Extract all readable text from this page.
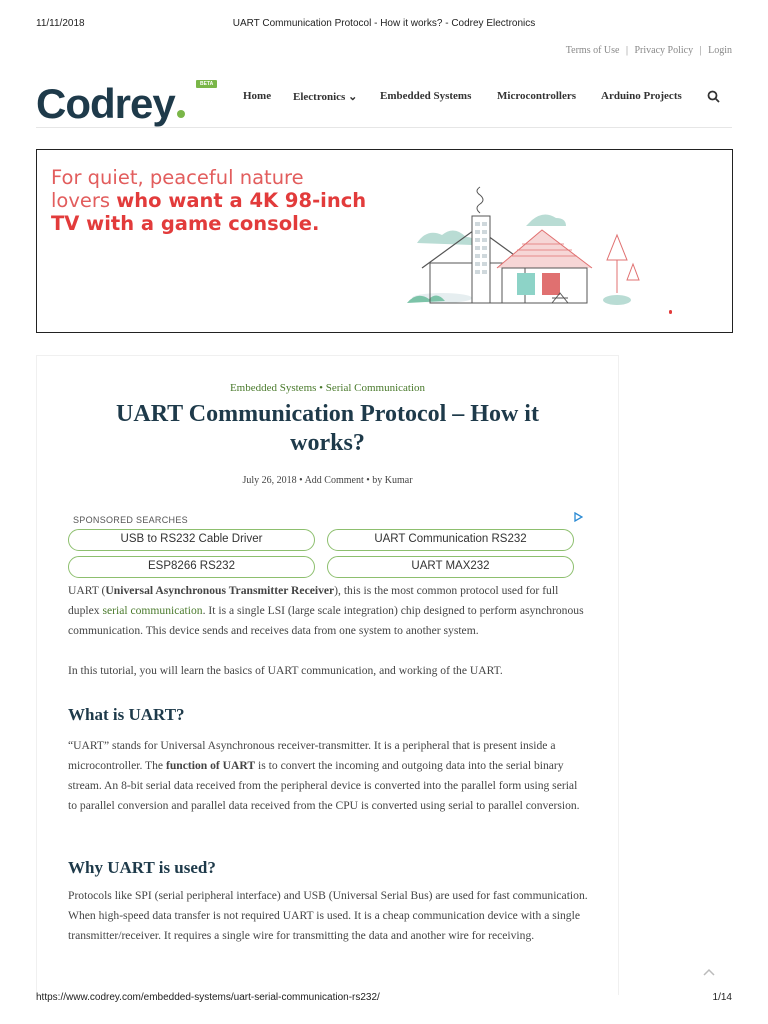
11/11/2018	UART Communication Protocol - How it works? - Codrey Electronics
Terms of Use | Privacy Policy | Login
Codrey	BETA
Home Electronics ⌄ Embedded Systems Microcontrollers Arduino Projects
For quiet, peaceful nature
lovers who want a 4K 98-inch
TV with a game console.
Embedded Systems • Serial Communication
UART Communication Protocol – How it works?
July 26, 2018 • Add Comment • by Kumar
SPONSORED SEARCHES
USB to RS232 Cable Driver	UART Communication RS232
ESP8266 RS232	UART MAX232

UART (Universal Asynchronous Transmitter Receiver), this is the most common protocol used for full duplex serial communication. It is a single LSI (large scale integration) chip designed to perform asynchronous communication. This device sends and receives data from one system to another system.

In this tutorial, you will learn the basics of UART communication, and working of the UART.

What is UART?

“UART” stands for Universal Asynchronous receiver-transmitter. It is a peripheral that is present inside a microcontroller. The function of UART is to convert the incoming and outgoing data into the serial binary stream. An 8-bit serial data received from the peripheral device is converted into the parallel form using serial to parallel conversion and parallel data received from the CPU is converted using serial to parallel conversion.

Why UART is used?

Protocols like SPI (serial peripheral interface) and USB (Universal Serial Bus) are used for fast communication. When high-speed data transfer is not required UART is used. It is a cheap communication device with a single transmitter/receiver. It requires a single wire for transmitting the data and another wire for receiving.

https://www.codrey.com/embedded-systems/uart-serial-communication-rs232/	1/14
